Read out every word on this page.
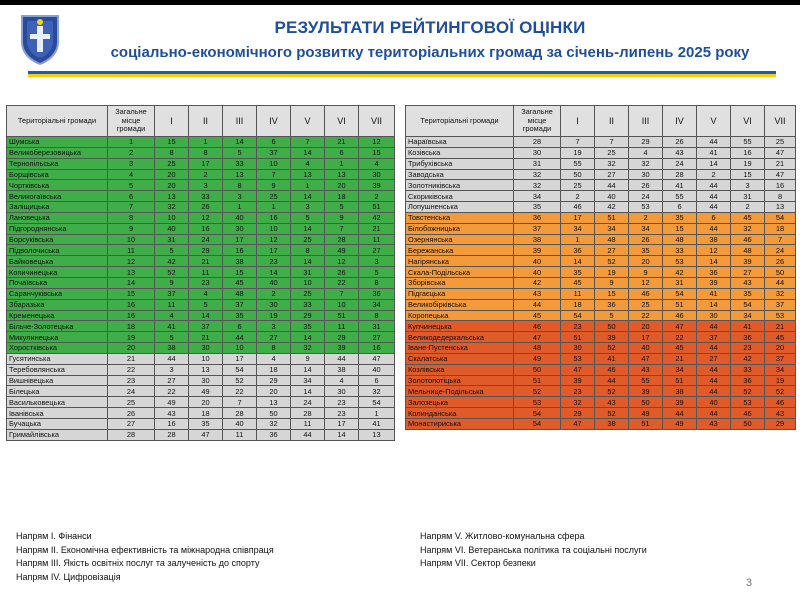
РЕЗУЛЬТАТИ РЕЙТИНГОВОЇ ОЦІНКИ
соціально-економічного розвитку територіальних громад за січень-липень 2025 року
Територіальні громади	Загальне місце громади	I	II	III	IV	V	VI	VII
Шумська	1	15	1	14	6	7	21	12
Великоберезовицька	2	8	8	5	37	14	6	15
Тернопільська	3	25	17	33	10	4	1	4
Борщівська	4	20	2	13	7	13	13	30
Чортківська	5	20	3	8	9	1	20	39
Великогаївська	6	13	33	3	25	14	18	2
Заліщицька	7	32	26	1	1	3	5	51
Лановецька	8	10	12	40	16	5	9	42
Підгороднянська	9	40	16	30	10	14	7	21
Борсуківська	10	31	24	17	12	25	28	11
Підволочиська	11	5	29	16	17	8	49	27
Байковецька	12	42	21	38	23	14	12	3
Копичинецька	13	52	11	15	14	31	26	5
Почаївська	14	9	23	45	40	10	22	8
Саранчуківська	15	37	4	48	2	25	7	36
Збаразька	16	11	5	37	30	33	10	34
Кременецька	16	4	14	35	19	29	51	8
Більче-Золотецька	18	41	37	6	3	35	11	31
Микулинецька	19	5	21	44	27	14	29	27
Хоростківська	20	38	30	10	8	32	39	16
Гусятинська	21	44	10	17	4	9	44	47
Теребовлянська	22	3	13	54	18	14	38	40
Вишнівецька	23	27	30	52	29	34	4	6
Білецька	24	22	49	22	20	14	30	32
Васильковецька	25	49	20	7	13	24	23	54
Іванівська	26	43	18	28	50	28	23	1
Бучацька	27	16	35	40	32	11	17	41
Гримайлівська	28	28	47	11	36	44	14	13
Територіальні громади	Загальне місце громади	I	II	III	IV	V	VI	VII
Нараївська	28	7	7	29	26	44	55	25
Козівська	30	19	25	4	43	41	16	47
Трибухівська	31	55	32	32	24	14	19	21
Заводська	32	50	27	30	28	2	15	47
Золотниківська	32	25	44	26	41	44	3	16
Скориківська	34	2	40	24	55	44	31	8
Лопушненська	35	46	42	53	6	44	2	13
Товстенська	36	17	51	2	35	6	45	54
Білобожницька	37	34	34	34	15	44	32	18
Озернянська	38	1	48	26	48	38	46	7
Бережанська	39	36	27	35	33	12	48	24
Нагірянська	40	14	52	20	53	14	39	26
Скала-Подільська	40	35	19	9	42	36	27	50
Зборівська	42	45	9	12	31	39	43	44
Підгаєцька	43	11	15	46	54	41	35	32
Великобірківська	44	18	36	25	51	14	54	37
Коропецька	45	54	5	22	46	30	34	53
Купчинецька	46	23	50	20	47	44	41	21
Великодедеркальська	47	51	39	17	22	37	36	45
Іване-Пустенська	48	30	52	40	45	44	23	20
Скалатська	49	53	41	47	21	27	42	37
Козлівська	50	47	46	43	34	44	33	34
Золотопотіцька	51	39	44	55	51	44	36	19
Мельнице-Подільська	52	23	52	39	38	44	52	52
Залозецька	53	32	43	50	39	40	53	46
Колинданська	54	29	52	49	44	44	46	43
Монастириська	54	47	38	51	49	43	50	29
Напрям І. Фінанси
Напрям ІІ. Економічна ефективність та міжнародна співпраця
Напрям ІІІ. Якість освітніх послуг та залученість до спорту
Напрям IV. Цифровізація
Напрям V. Житлово-комунальна сфера
Напрям VI. Ветеранська політика та соціальні послуги
Напрям VII. Сектор безпеки
3
